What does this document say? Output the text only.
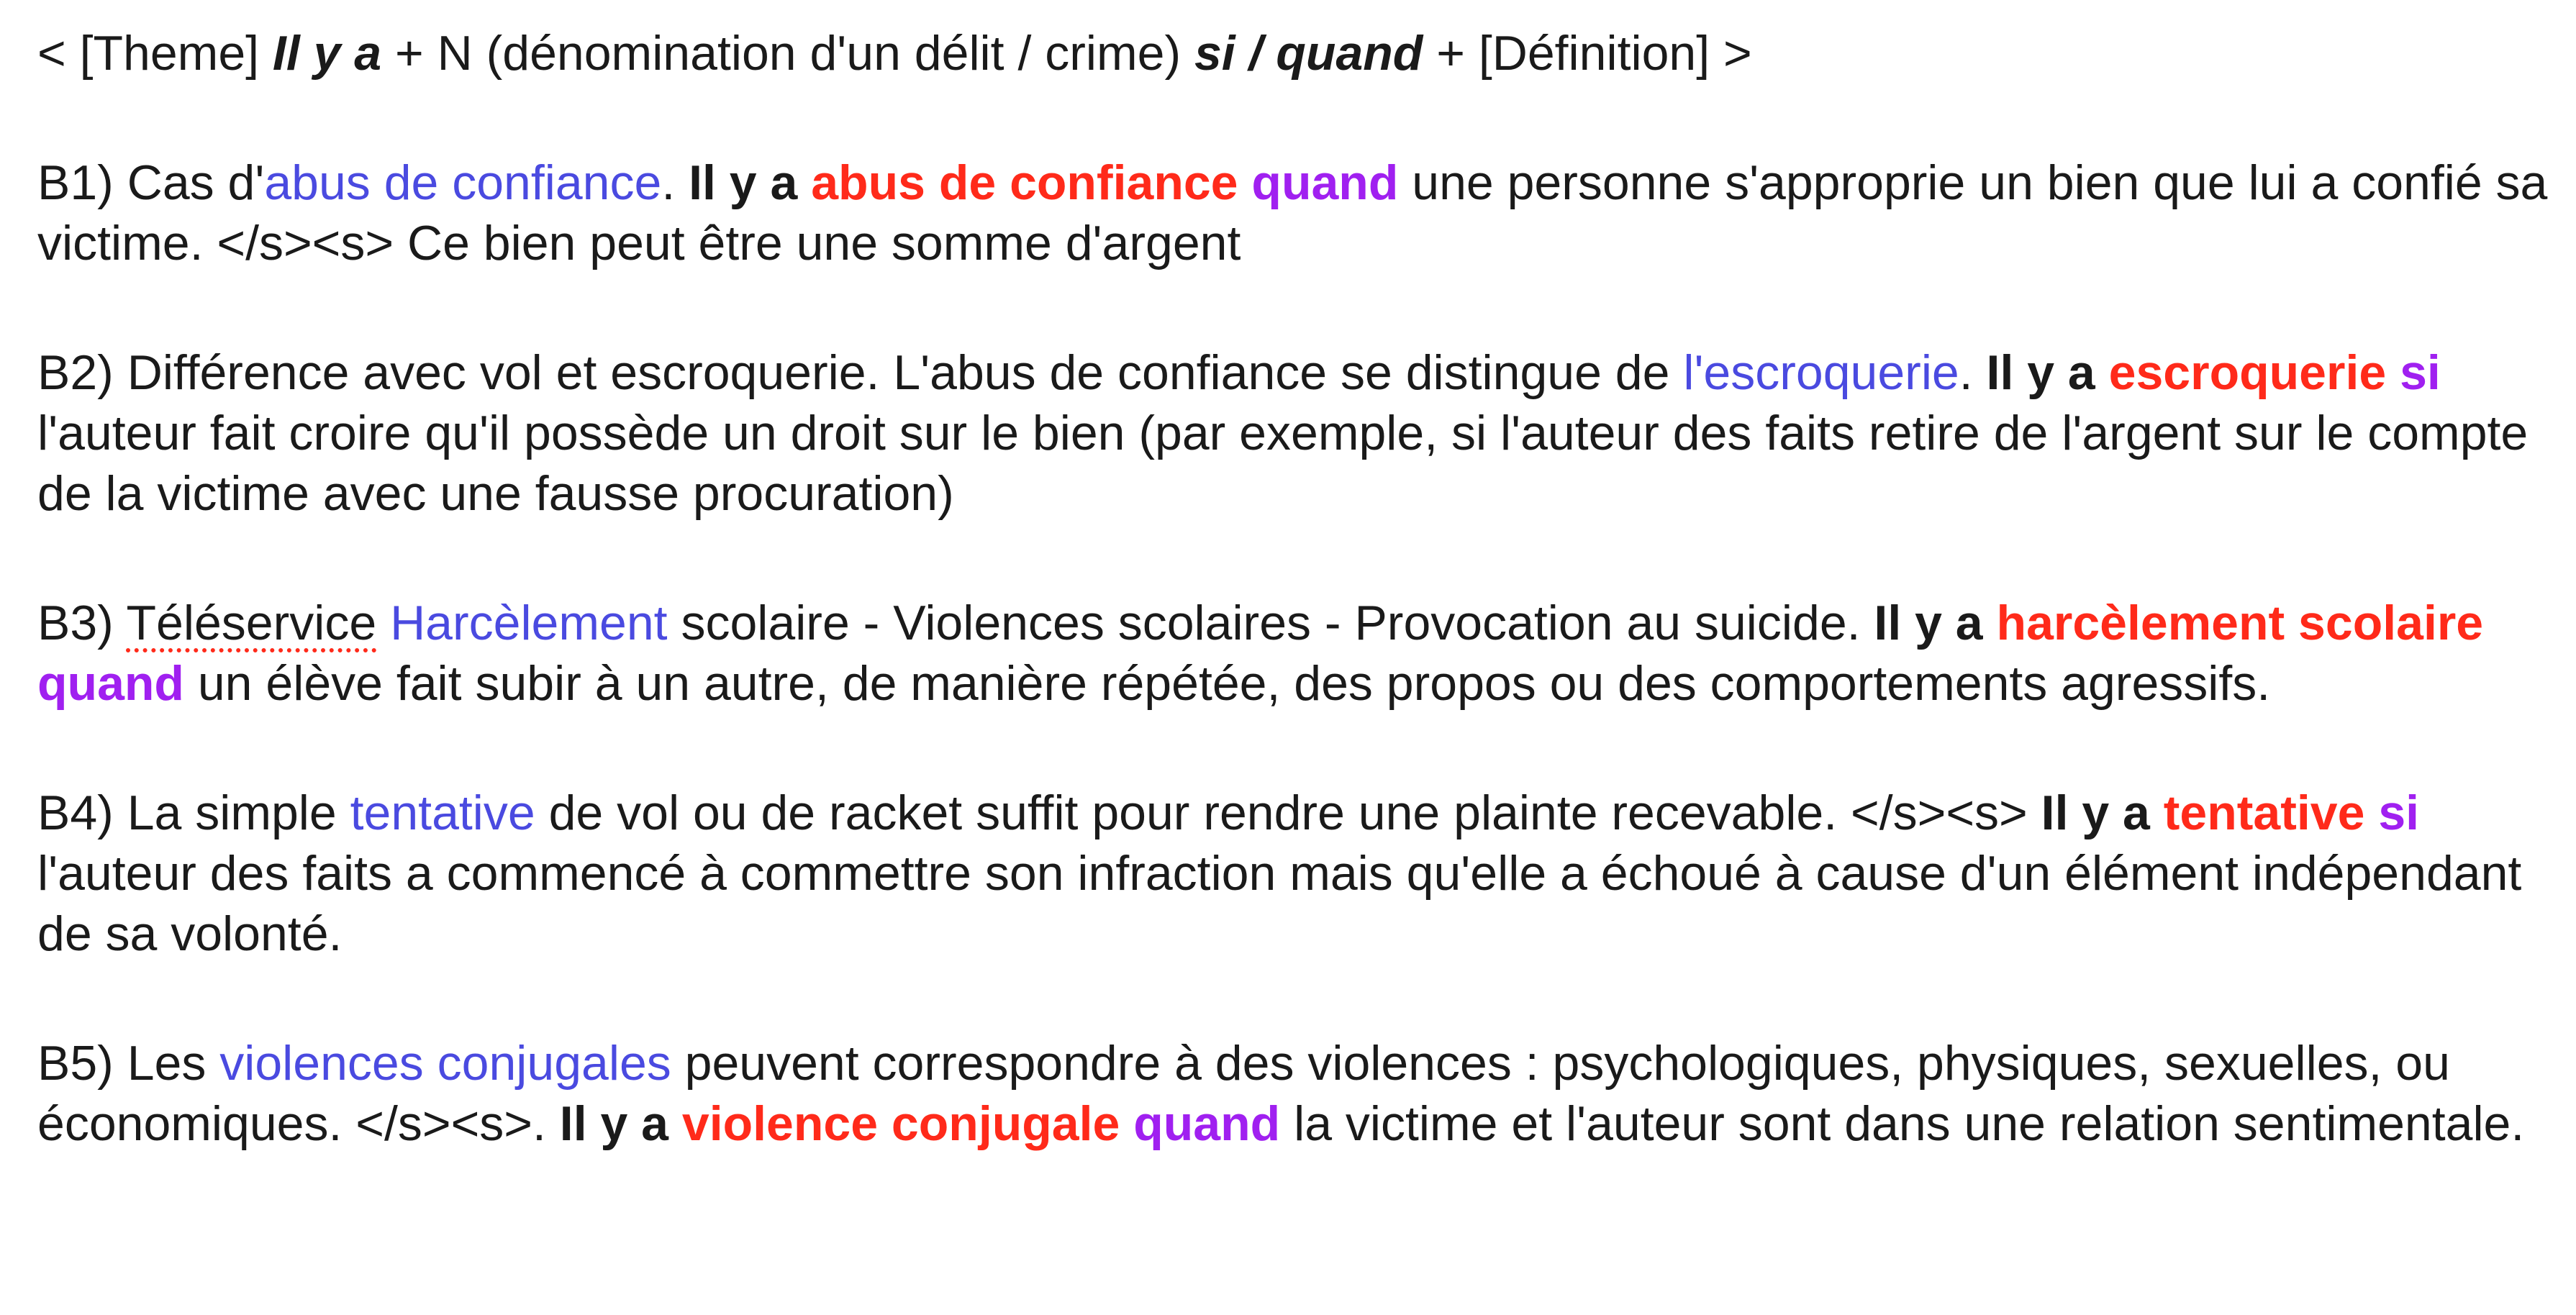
< [Theme] Il y a + N (dénomination d'un délit / crime) si / quand + [Définition] >

B1) Cas d'abus de confiance. Il y a abus de confiance quand une personne s'approprie un bien que lui a confié sa victime. </s><s> Ce bien peut être une somme d'argent

B2) Différence avec vol et escroquerie. L'abus de confiance se distingue de l'escroquerie. Il y a escroquerie si l'auteur fait croire qu'il possède un droit sur le bien (par exemple, si l'auteur des faits retire de l'argent sur le compte de la victime avec une fausse procuration)

B3) Téléservice Harcèlement scolaire - Violences scolaires - Provocation au suicide. Il y a harcèlement scolaire quand un élève fait subir à un autre, de manière répétée, des propos ou des comportements agressifs.

B4) La simple tentative de vol ou de racket suffit pour rendre une plainte recevable. </s><s> Il y a tentative si l'auteur des faits a commencé à commettre son infraction mais qu'elle a échoué à cause d'un élément indépendant de sa volonté.

B5) Les violences conjugales peuvent correspondre à des violences : psychologiques, physiques, sexuelles, ou économiques. </s><s>. Il y a violence conjugale quand la victime et l'auteur sont dans une relation sentimentale.
